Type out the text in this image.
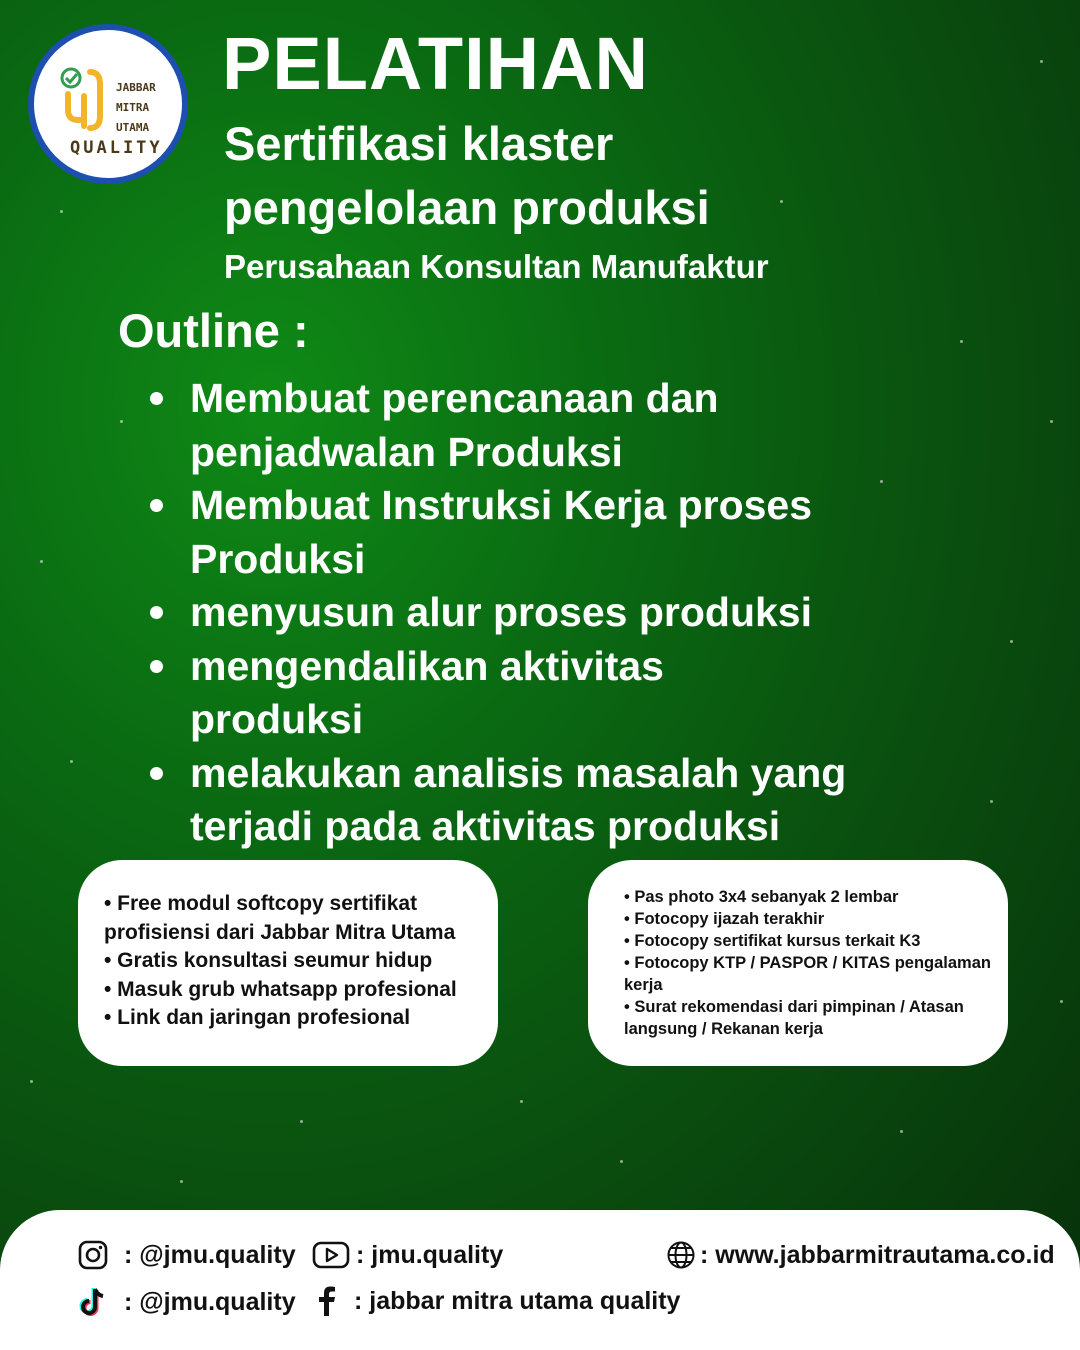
JABBAR
MITRA
UTAMA
QUALITY
PELATIHAN
Sertifikasi klaster
pengelolaan produksi
Perusahaan Konsultan Manufaktur
Outline :
Membuat perencanaan dan
penjadwalan Produksi
Membuat Instruksi Kerja proses
Produksi
menyusun alur proses produksi
mengendalikan aktivitas
produksi
melakukan analisis masalah yang
terjadi pada aktivitas produksi

• Free modul softcopy sertifikat profisiensi dari Jabbar Mitra Utama

• Gratis konsultasi seumur hidup

• Masuk grub whatsapp profesional

• Link dan jaringan profesional

• Pas photo 3x4 sebanyak 2 lembar

• Fotocopy ijazah terakhir

• Fotocopy sertifikat kursus terkait K3

• Fotocopy KTP / PASPOR / KITAS pengalaman kerja

• Surat rekomendasi dari pimpinan / Atasan langsung / Rekanan kerja

: @jmu.quality : jmu.quality	: www.jabbarmitrautama.co.id
: @jmu.quality : jabbar mitra utama quality
